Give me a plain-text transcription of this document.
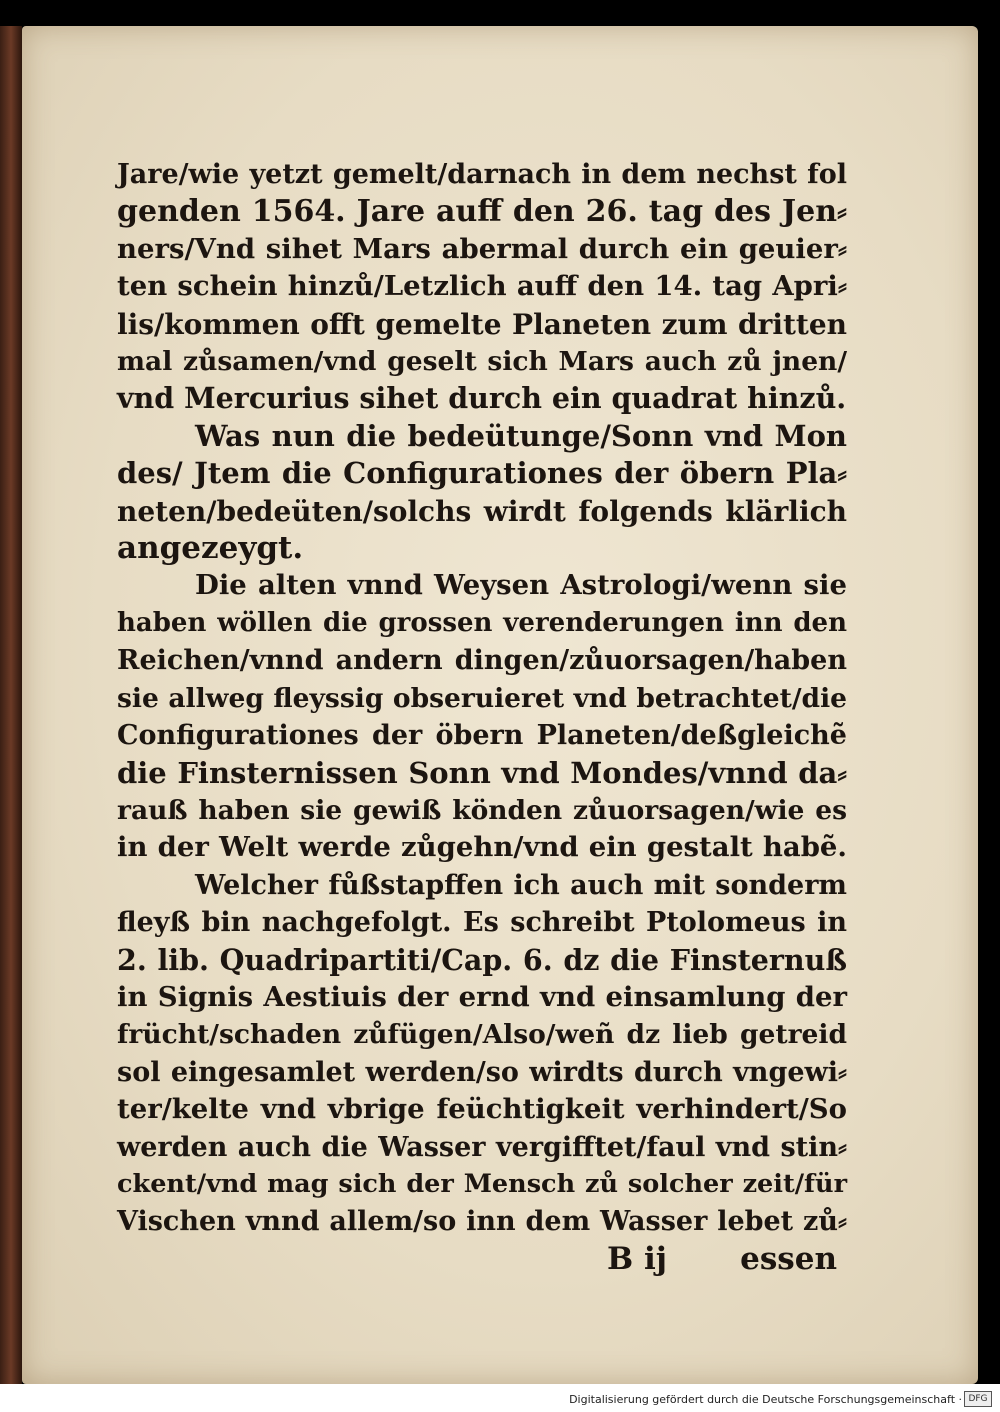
Jare/wie yetzt gemelt/darnach in dem nechst fol
genden 1564. Jare auff den 26. tag des Jen⸗
ners/Vnd sihet Mars abermal durch ein geuier⸗
ten schein hinzů/Letzlich auff den 14. tag Apri⸗
lis/kommen offt gemelte Planeten zum dritten
mal zůsamen/vnd geselt sich Mars auch zů jnen/
vnd Mercurius sihet durch ein quadrat hinzů.
Was nun die bedeütunge/Sonn vnd Mon
des/ Jtem die Configurationes der öbern Pla⸗
neten/bedeüten/solchs wirdt folgends klärlich
angezeygt.
Die alten vnnd Weysen Astrologi/wenn sie
haben wöllen die grossen verenderungen inn den
Reichen/vnnd andern dingen/zůuorsagen/haben
sie allweg fleyssig obseruieret vnd betrachtet/die
Configurationes der öbern Planeten/deßgleichẽ
die Finsternissen Sonn vnd Mondes/vnnd da⸗
rauß haben sie gewiß könden zůuorsagen/wie es
in der Welt werde zůgehn/vnd ein gestalt habẽ.
Welcher fůßstapffen ich auch mit sonderm
fleyß bin nachgefolgt. Es schreibt Ptolomeus in
2. lib. Quadripartiti/Cap. 6. dz die Finsternuß
in Signis Aestiuis der ernd vnd einsamlung der
frücht/schaden zůfügen/Also/weñ dz lieb getreid
sol eingesamlet werden/so wirdts durch vngewi⸗
ter/kelte vnd vbrige feüchtigkeit verhindert/So
werden auch die Wasser vergifftet/faul vnd stin⸗
ckent/vnd mag sich der Mensch zů solcher zeit/für
Vischen vnnd allem/so inn dem Wasser lebet zů⸗
B ij essen
Digitalisierung gefördert durch die Deutsche Forschungsgemeinschaft · DFG
